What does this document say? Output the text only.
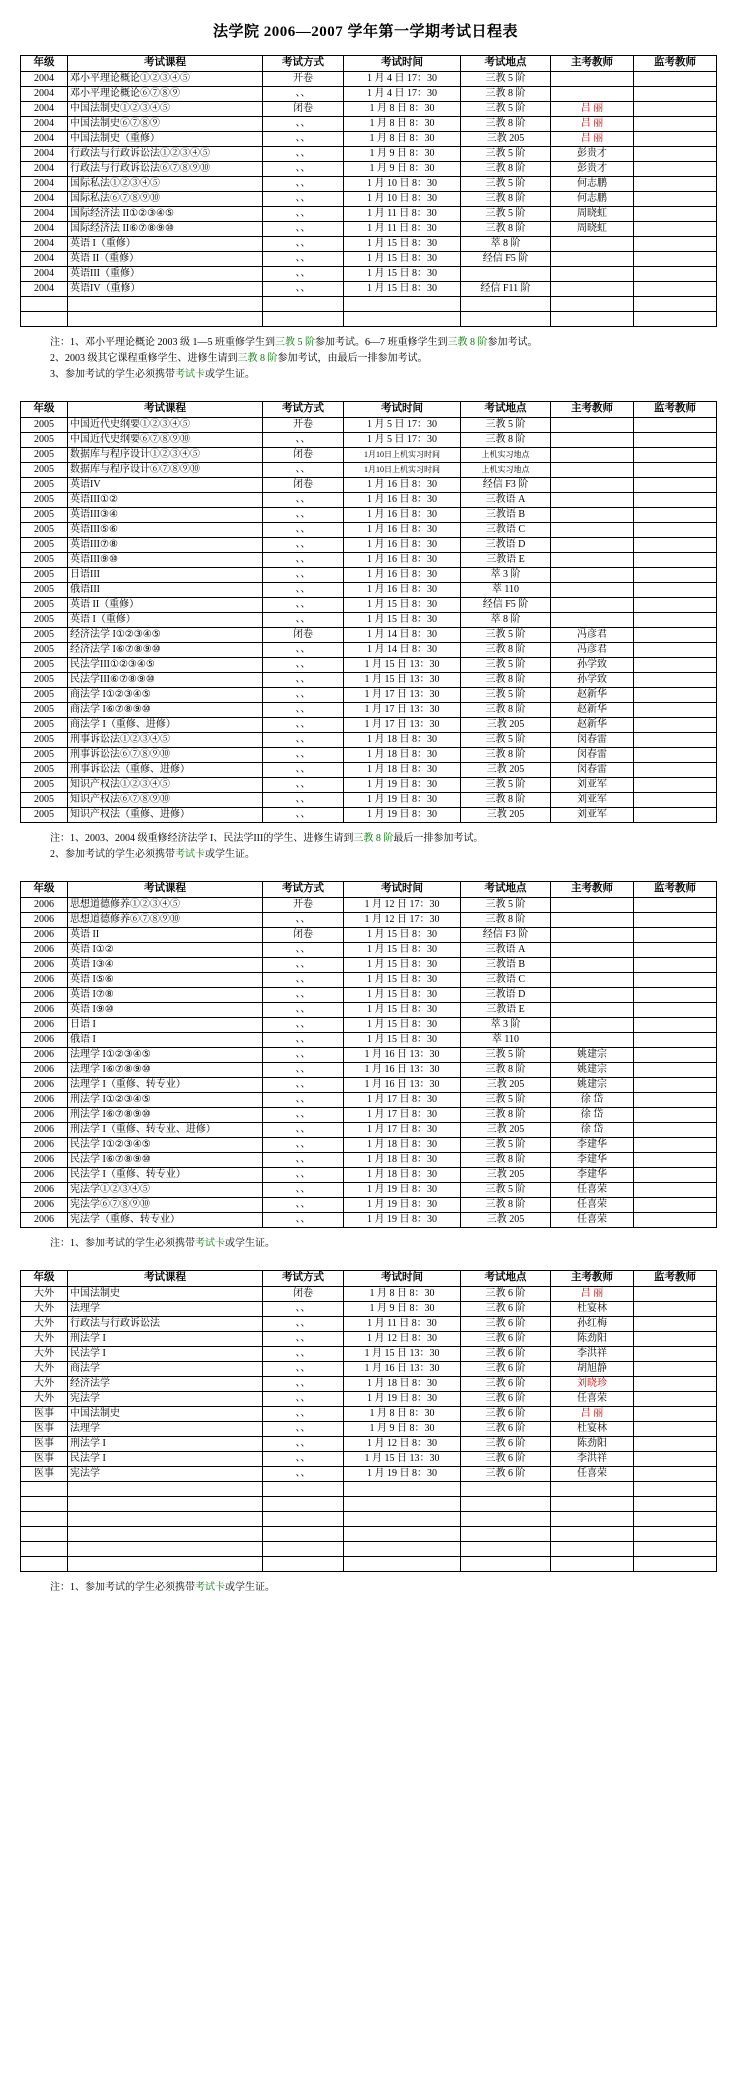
法学院 2006—2007 学年第一学期考试日程表
年级	考试课程	考试方式	考试时间	考试地点	主考教师	监考教师
2004	邓小平理论概论①②③④⑤	开卷	1 月 4 日 17：30	三教 5 阶		
2004	邓小平理论概论⑥⑦⑧⑨	、、	1 月 4 日 17：30	三教 8 阶		
2004	中国法制史①②③④⑤	闭卷	1 月 8 日 8：30	三教 5 阶	吕 丽	
2004	中国法制史⑥⑦⑧⑨	、、	1 月 8 日 8：30	三教 8 阶	吕 丽	
2004	中国法制史（重修）	、、	1 月 8 日 8：30	三教 205	吕 丽	
2004	行政法与行政诉讼法①②③④⑤	、、	1 月 9 日 8：30	三教 5 阶	彭贵才	
2004	行政法与行政诉讼法⑥⑦⑧⑨⑩	、、	1 月 9 日 8：30	三教 8 阶	彭贵才	
2004	国际私法①②③④⑤	、、	1 月 10 日 8：30	三教 5 阶	何志鹏	
2004	国际私法⑥⑦⑧⑨⑩	、、	1 月 10 日 8：30	三教 8 阶	何志鹏	
2004	国际经济法 II①②③④⑤	、、	1 月 11 日 8：30	三教 5 阶	周晓虹	
2004	国际经济法 II⑥⑦⑧⑨⑩	、、	1 月 11 日 8：30	三教 8 阶	周晓虹	
2004	英语 I（重修）	、、	1 月 15 日 8：30	萃 8 阶		
2004	英语 II（重修）	、、	1 月 15 日 8：30	经信 F5 阶		
2004	英语III（重修）	、、	1 月 15 日 8：30			
2004	英语IV（重修）	、、	1 月 15 日 8：30	经信 F11 阶		

注：1、邓小平理论概论 2003 级 1—5 班重修学生到三教 5 阶参加考试。6—7 班重修学生到三教 8 阶参加考试。
2、2003 级其它课程重修学生、进修生请到三教 8 阶参加考试，由最后一排参加考试。
3、参加考试的学生必须携带考试卡或学生证。
年级	考试课程	考试方式	考试时间	考试地点	主考教师	监考教师
2005	中国近代史纲要①②③④⑤	开卷	1 月 5 日 17：30	三教 5 阶		
2005	中国近代史纲要⑥⑦⑧⑨⑩	、、	1 月 5 日 17：30	三教 8 阶		
2005	数据库与程序设计①②③④⑤	闭卷	1月10日上机实习时间	上机实习地点		
2005	数据库与程序设计⑥⑦⑧⑨⑩	、、	1月10日上机实习时间	上机实习地点		
2005	英语IV	闭卷	1 月 16 日 8：30	经信 F3 阶		
2005	英语III①②	、、	1 月 16 日 8：30	三教语 A		
2005	英语III③④	、、	1 月 16 日 8：30	三教语 B		
2005	英语III⑤⑥	、、	1 月 16 日 8：30	三教语 C		
2005	英语III⑦⑧	、、	1 月 16 日 8：30	三教语 D		
2005	英语III⑨⑩	、、	1 月 16 日 8：30	三教语 E		
2005	日语III	、、	1 月 16 日 8：30	萃 3 阶		
2005	俄语III	、、	1 月 16 日 8：30	萃 110		
2005	英语 II（重修）	、、	1 月 15 日 8：30	经信 F5 阶		
2005	英语 I（重修）	、、	1 月 15 日 8：30	萃 8 阶		
2005	经济法学 I①②③④⑤	闭卷	1 月 14 日 8：30	三教 5 阶	冯彦君	
2005	经济法学 I⑥⑦⑧⑨⑩	、、	1 月 14 日 8：30	三教 8 阶	冯彦君	
2005	民法学III①②③④⑤	、、	1 月 15 日 13：30	三教 5 阶	孙学致	
2005	民法学III⑥⑦⑧⑨⑩	、、	1 月 15 日 13：30	三教 8 阶	孙学致	
2005	商法学 I①②③④⑤	、、	1 月 17 日 13：30	三教 5 阶	赵新华	
2005	商法学 I⑥⑦⑧⑨⑩	、、	1 月 17 日 13：30	三教 8 阶	赵新华	
2005	商法学 I（重修、进修）	、、	1 月 17 日 13：30	三教 205	赵新华	
2005	刑事诉讼法①②③④⑤	、、	1 月 18 日 8：30	三教 5 阶	闵春雷	
2005	刑事诉讼法⑥⑦⑧⑨⑩	、、	1 月 18 日 8：30	三教 8 阶	闵春雷	
2005	刑事诉讼法（重修、进修）	、、	1 月 18 日 8：30	三教 205	闵春雷	
2005	知识产权法①②③④⑤	、、	1 月 19 日 8：30	三教 5 阶	刘亚军	
2005	知识产权法⑥⑦⑧⑨⑩	、、	1 月 19 日 8：30	三教 8 阶	刘亚军	
2005	知识产权法（重修、进修）	、、	1 月 19 日 8：30	三教 205	刘亚军	
注：1、2003、2004 级重修经济法学 I、民法学III的学生、进修生请到三教 8 阶最后一排参加考试。
2、参加考试的学生必须携带考试卡或学生证。
年级	考试课程	考试方式	考试时间	考试地点	主考教师	监考教师
2006	思想道德修养①②③④⑤	开卷	1 月 12 日 17：30	三教 5 阶		
2006	思想道德修养⑥⑦⑧⑨⑩	、、	1 月 12 日 17：30	三教 8 阶		
2006	英语 II	闭卷	1 月 15 日 8：30	经信 F3 阶		
2006	英语 I①②	、、	1 月 15 日 8：30	三教语 A		
2006	英语 I③④	、、	1 月 15 日 8：30	三教语 B		
2006	英语 I⑤⑥	、、	1 月 15 日 8：30	三教语 C		
2006	英语 I⑦⑧	、、	1 月 15 日 8：30	三教语 D		
2006	英语 I⑨⑩	、、	1 月 15 日 8：30	三教语 E		
2006	日语 I	、、	1 月 15 日 8：30	萃 3 阶		
2006	俄语 I	、、	1 月 15 日 8：30	萃 110		
2006	法理学 I①②③④⑤	、、	1 月 16 日 13：30	三教 5 阶	姚建宗	
2006	法理学 I⑥⑦⑧⑨⑩	、、	1 月 16 日 13：30	三教 8 阶	姚建宗	
2006	法理学 I（重修、转专业）	、、	1 月 16 日 13：30	三教 205	姚建宗	
2006	刑法学 I①②③④⑤	、、	1 月 17 日 8：30	三教 5 阶	徐 岱	
2006	刑法学 I⑥⑦⑧⑨⑩	、、	1 月 17 日 8：30	三教 8 阶	徐 岱	
2006	刑法学 I（重修、转专业、进修）	、、	1 月 17 日 8：30	三教 205	徐 岱	
2006	民法学 I①②③④⑤	、、	1 月 18 日 8：30	三教 5 阶	李建华	
2006	民法学 I⑥⑦⑧⑨⑩	、、	1 月 18 日 8：30	三教 8 阶	李建华	
2006	民法学 I（重修、转专业）	、、	1 月 18 日 8：30	三教 205	李建华	
2006	宪法学①②③④⑤	、、	1 月 19 日 8：30	三教 5 阶	任喜荣	
2006	宪法学⑥⑦⑧⑨⑩	、、	1 月 19 日 8：30	三教 8 阶	任喜荣	
2006	宪法学（重修、转专业）	、、	1 月 19 日 8：30	三教 205	任喜荣	
注：1、参加考试的学生必须携带考试卡或学生证。
年级	考试课程	考试方式	考试时间	考试地点	主考教师	监考教师
大外	中国法制史	闭卷	1 月 8 日 8：30	三教 6 阶	吕 丽	
大外	法理学	、、	1 月 9 日 8：30	三教 6 阶	杜宴林	
大外	行政法与行政诉讼法	、、	1 月 11 日 8：30	三教 6 阶	孙红梅	
大外	刑法学 I	、、	1 月 12 日 8：30	三教 6 阶	陈劲阳	
大外	民法学 I	、、	1 月 15 日 13：30	三教 6 阶	李洪祥	
大外	商法学	、、	1 月 16 日 13：30	三教 6 阶	胡旭静	
大外	经济法学	、、	1 月 18 日 8：30	三教 6 阶	刘晓珍	
大外	宪法学	、、	1 月 19 日 8：30	三教 6 阶	任喜荣	
医事	中国法制史	、、	1 月 8 日 8：30	三教 6 阶	吕 丽	
医事	法理学	、、	1 月 9 日 8：30	三教 6 阶	杜宴林	
医事	刑法学 I	、、	1 月 12 日 8：30	三教 6 阶	陈劲阳	
医事	民法学 I	、、	1 月 15 日 13：30	三教 6 阶	李洪祥	
医事	宪法学	、、	1 月 19 日 8：30	三教 6 阶	任喜荣	

注：1、参加考试的学生必须携带考试卡或学生证。
